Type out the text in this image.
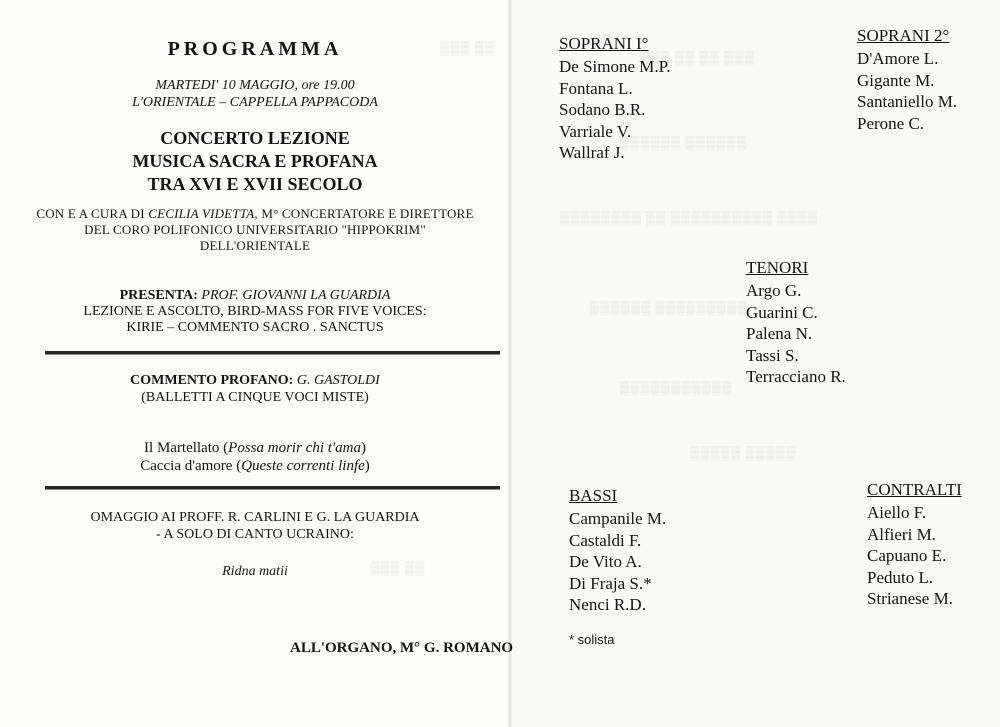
▒▒▒ ▒▒
▒▒▒ ▒▒ ▒▒ ▒▒▒
▒▒▒▒▒▒ ▒▒▒▒▒▒
▒▒▒▒▒▒▒▒ ▒▒ ▒▒▒▒▒▒▒▒▒▒ ▒▒▒▒
▒▒▒▒▒▒ ▒▒▒▒▒▒▒▒▒
▒▒▒▒▒▒▒▒▒▒▒
▒▒▒▒▒ ▒▒▒▒▒
▒▒▒ ▒▒
PROGRAMMA
MARTEDI' 10 MAGGIO, ore 19.00
L'ORIENTALE – CAPPELLA PAPPACODA
CONCERTO LEZIONE
MUSICA SACRA E PROFANA
TRA XVI E XVII SECOLO
CON E A CURA DI CECILIA VIDETTA, M° CONCERTATORE E DIRETTORE
DEL CORO POLIFONICO UNIVERSITARIO "HIPPOKRIM"
DELL'ORIENTALE
PRESENTA: PROF. GIOVANNI LA GUARDIA
LEZIONE E ASCOLTO, BIRD-MASS FOR FIVE VOICES:
KIRIE – COMMENTO SACRO . SANCTUS
COMMENTO PROFANO: G. GASTOLDI
(BALLETTI A CINQUE VOCI MISTE)
Il Martellato (Possa morir chi t'ama)
Caccia d'amore (Queste correnti linfe)
OMAGGIO AI PROFF. R. CARLINI E G. LA GUARDIA
- A SOLO DI CANTO UCRAINO:
Ridna matii
ALL'ORGANO, M° G. ROMANO
SOPRANI I°
De Simone M.P.
Fontana L.
Sodano B.R.
Varriale V.
Wallraf J.
SOPRANI 2°
D'Amore L.
Gigante M.
Santaniello M.
Perone C.
TENORI
Argo G.
Guarini C.
Palena N.
Tassi S.
Terracciano R.
BASSI
Campanile M.
Castaldi F.
De Vito A.
Di Fraja S.*
Nenci R.D.
CONTRALTI
Aiello F.
Alfieri M.
Capuano E.
Peduto L.
Strianese M.
* solista
